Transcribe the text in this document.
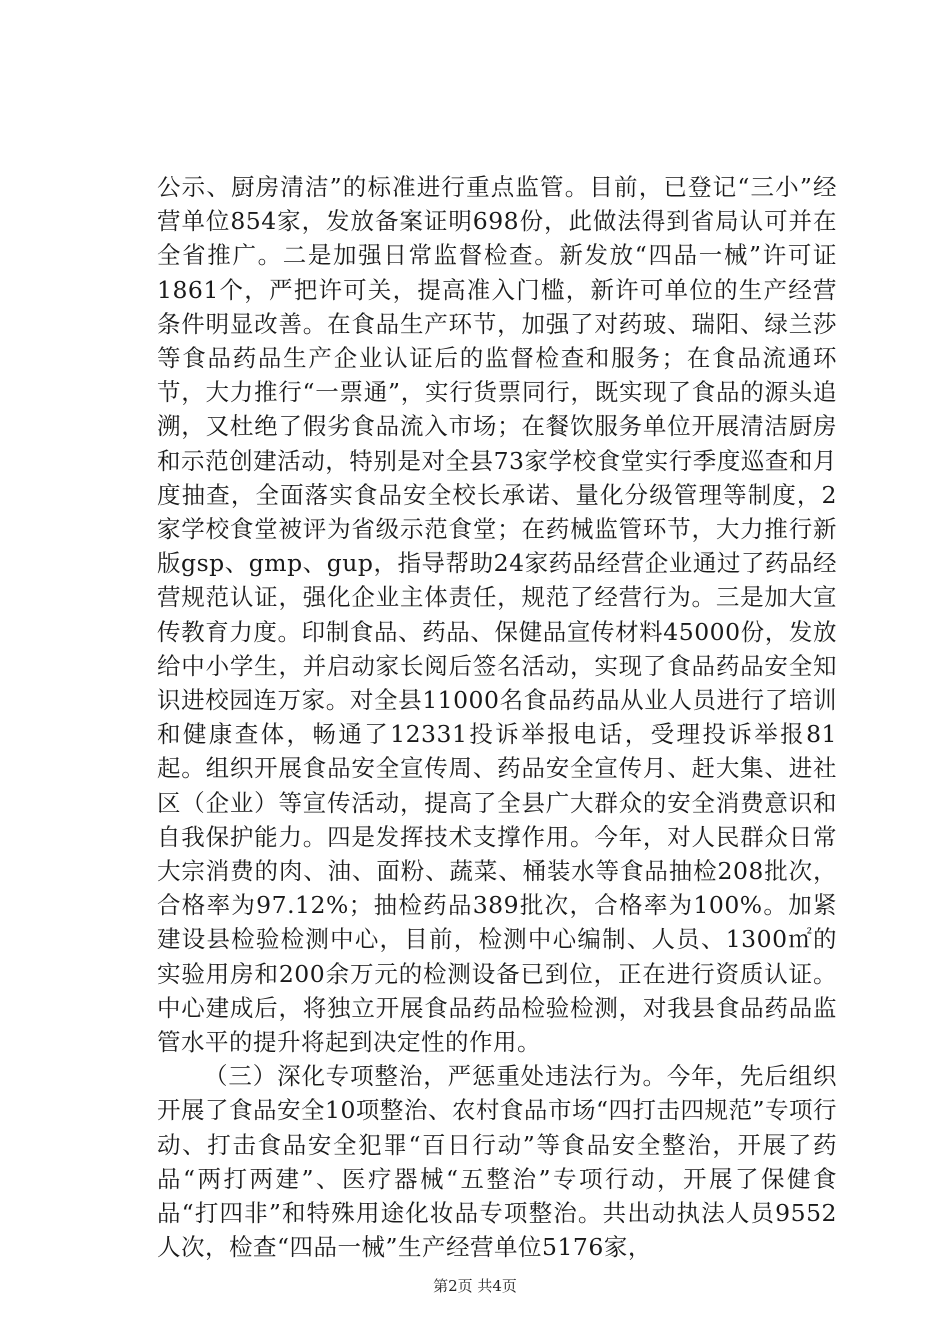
公示、厨房清洁”的标准进行重点监管。目前，已登记“三小”经营单位854家，发放备案证明698份，此做法得到省局认可并在全省推广。二是加强日常监督检查。新发放“四品一械”许可证1861个，严把许可关，提高准入门槛，新许可单位的生产经营条件明显改善。在食品生产环节，加强了对药玻、瑞阳、绿兰莎等食品药品生产企业认证后的监督检查和服务；在食品流通环节，大力推行“一票通”，实行货票同行，既实现了食品的源头追溯，又杜绝了假劣食品流入市场；在餐饮服务单位开展清洁厨房和示范创建活动，特别是对全县73家学校食堂实行季度巡查和月度抽查，全面落实食品安全校长承诺、量化分级管理等制度，2家学校食堂被评为省级示范食堂；在药械监管环节，大力推行新版gsp、gmp、gup，指导帮助24家药品经营企业通过了药品经营规范认证，强化企业主体责任，规范了经营行为。三是加大宣传教育力度。印制食品、药品、保健品宣传材料45000份，发放给中小学生，并启动家长阅后签名活动，实现了食品药品安全知识进校园连万家。对全县11000名食品药品从业人员进行了培训和健康查体，畅通了12331投诉举报电话，受理投诉举报81起。组织开展食品安全宣传周、药品安全宣传月、赶大集、进社区（企业）等宣传活动，提高了全县广大群众的安全消费意识和自我保护能力。四是发挥技术支撑作用。今年，对人民群众日常大宗消费的肉、油、面粉、蔬菜、桶装水等食品抽检208批次，合格率为97.12%；抽检药品389批次，合格率为100%。加紧建设县检验检测中心，目前，检测中心编制、人员、1300㎡的实验用房和200余万元的检测设备已到位，正在进行资质认证。中心建成后，将独立开展食品药品检验检测，对我县食品药品监管水平的提升将起到决定性的作用。

（三）深化专项整治，严惩重处违法行为。今年，先后组织开展了食品安全10项整治、农村食品市场“四打击四规范”专项行动、打击食品安全犯罪“百日行动”等食品安全整治，开展了药品“两打两建”、医疗器械“五整治”专项行动，开展了保健食品“打四非”和特殊用途化妆品专项整治。共出动执法人员9552人次，检查“四品一械”生产经营单位5176家，

第2页 共4页
